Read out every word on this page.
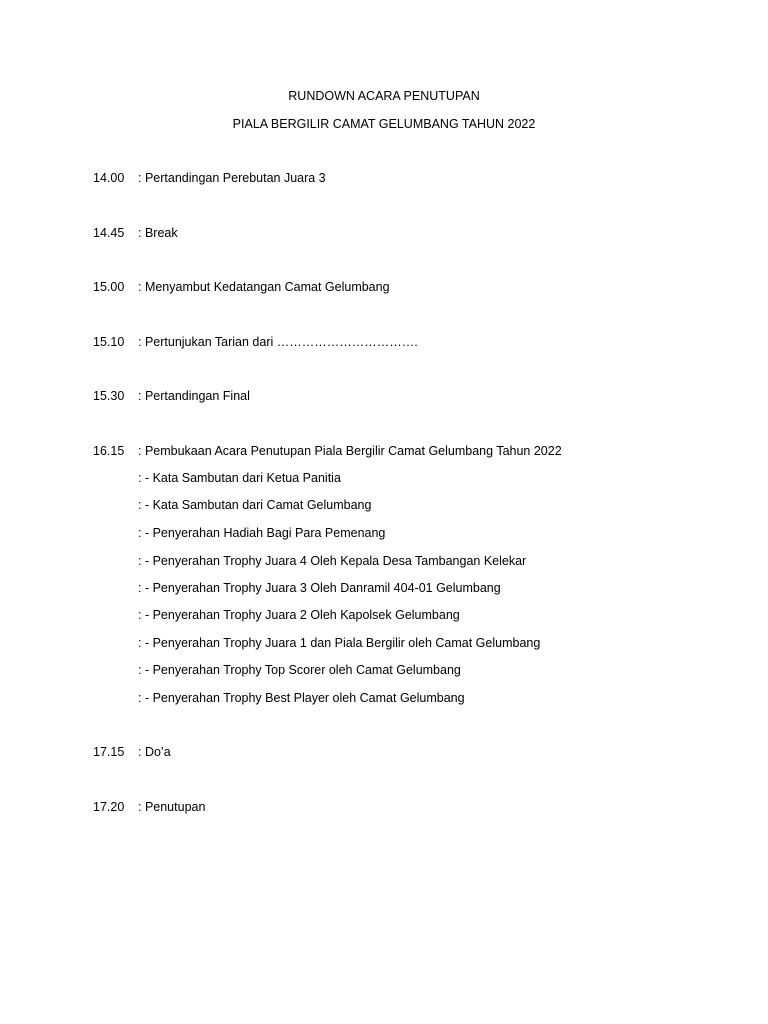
RUNDOWN ACARA PENUTUPAN
PIALA BERGILIR CAMAT GELUMBANG TAHUN 2022
14.00 : Pertandingan Perebutan Juara 3
14.45 : Break
15.00 : Menyambut Kedatangan Camat Gelumbang
15.10 : Pertunjukan Tarian dari …………………………….
15.30 : Pertandingan Final
16.15 : Pembukaan Acara Penutupan Piala Bergilir Camat Gelumbang Tahun 2022
: - Kata Sambutan dari Ketua Panitia
: - Kata Sambutan dari Camat Gelumbang
: - Penyerahan Hadiah Bagi Para Pemenang
: - Penyerahan Trophy Juara 4 Oleh Kepala Desa Tambangan Kelekar
: - Penyerahan Trophy Juara 3 Oleh Danramil 404-01 Gelumbang
: - Penyerahan Trophy Juara 2 Oleh Kapolsek Gelumbang
: - Penyerahan Trophy Juara 1 dan Piala Bergilir oleh Camat Gelumbang
: - Penyerahan Trophy Top Scorer oleh Camat Gelumbang
: - Penyerahan Trophy Best Player oleh Camat Gelumbang
17.15 : Do’a
17.20 : Penutupan
